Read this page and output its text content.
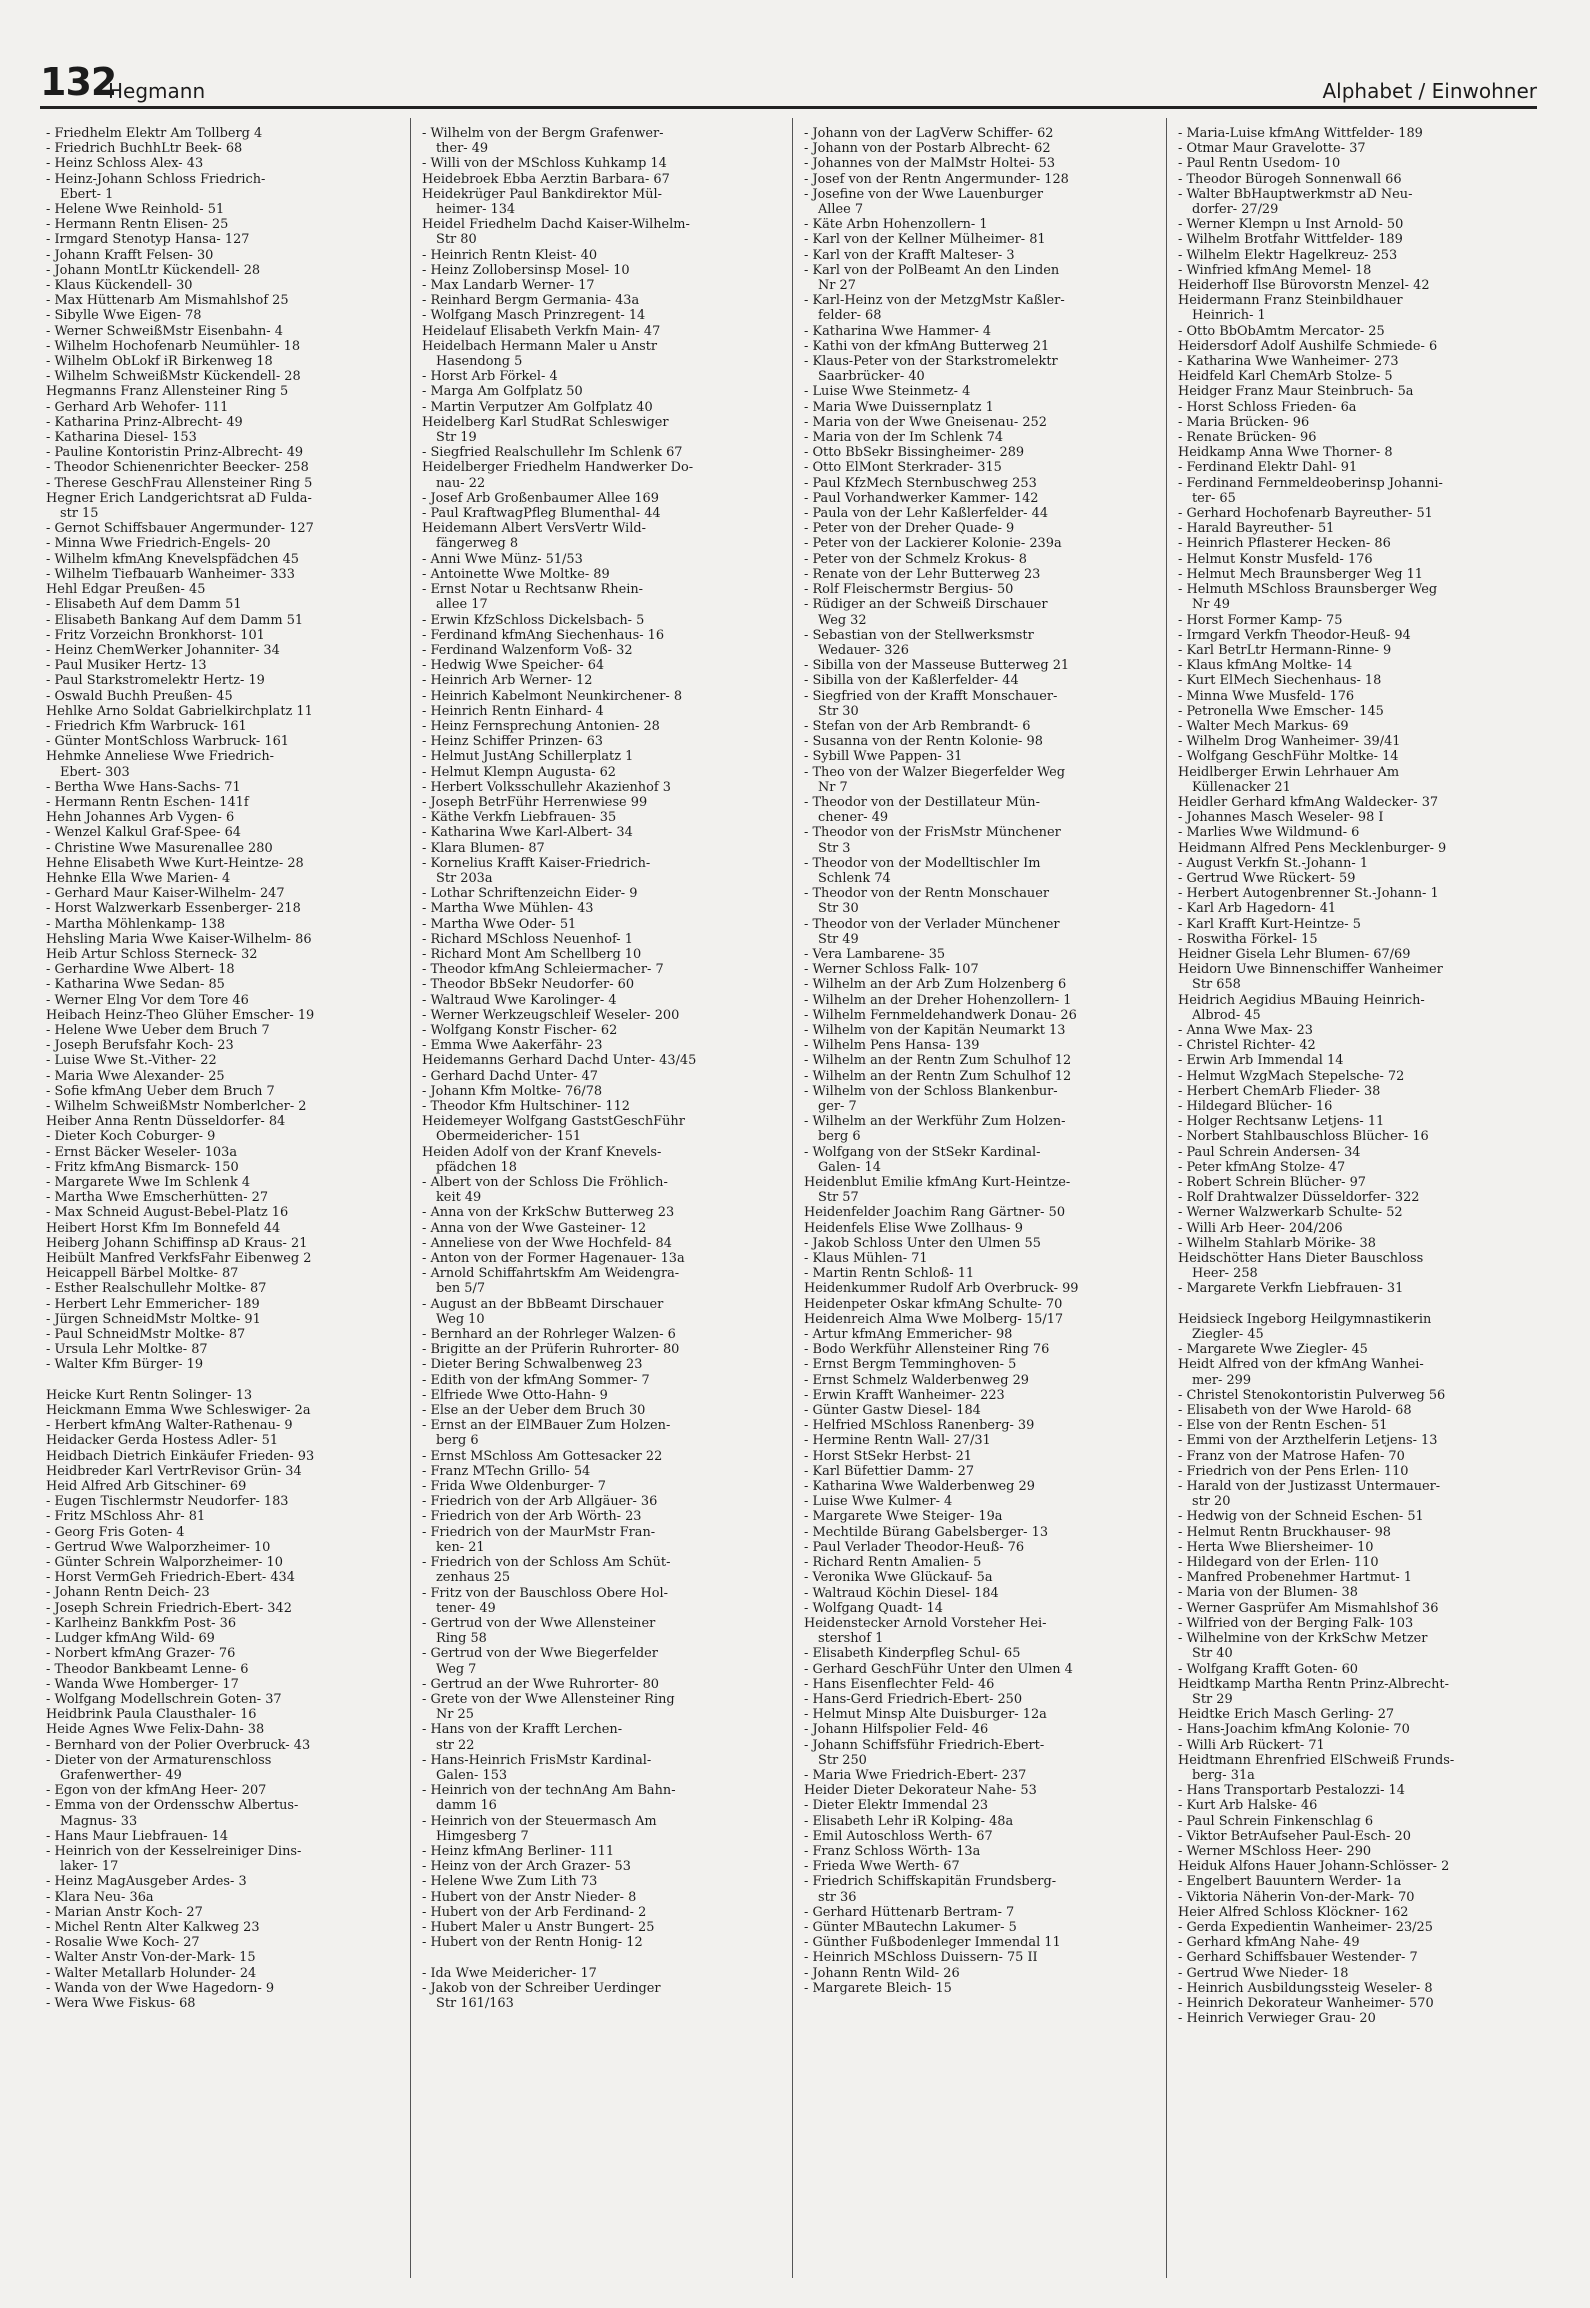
132
Hegmann	Alphabet / Einwohner
- Friedhelm Elektr Am Tollberg 4
- Friedrich BuchhLtr Beek- 68
- Heinz Schloss Alex- 43
- Heinz-Johann Schloss Friedrich-
Ebert- 1
- Helene Wwe Reinhold- 51
- Hermann Rentn Elisen- 25
- Irmgard Stenotyp Hansa- 127
- Johann Krafft Felsen- 30
- Johann MontLtr Kückendell- 28
- Klaus Kückendell- 30
- Max Hüttenarb Am Mismahlshof 25
- Sibylle Wwe Eigen- 78
- Werner SchweißMstr Eisenbahn- 4
- Wilhelm Hochofenarb Neumühler- 18
- Wilhelm ObLokf iR Birkenweg 18
- Wilhelm SchweißMstr Kückendell- 28
Hegmanns Franz Allensteiner Ring 5
- Gerhard Arb Wehofer- 111
- Katharina Prinz-Albrecht- 49
- Katharina Diesel- 153
- Pauline Kontoristin Prinz-Albrecht- 49
- Theodor Schienenrichter Beecker- 258
- Therese GeschFrau Allensteiner Ring 5
Hegner Erich Landgerichtsrat aD Fulda-
str 15
- Gernot Schiffsbauer Angermunder- 127
- Minna Wwe Friedrich-Engels- 20
- Wilhelm kfmAng Knevelspfädchen 45
- Wilhelm Tiefbauarb Wanheimer- 333
Hehl Edgar Preußen- 45
- Elisabeth Auf dem Damm 51
- Elisabeth Bankang Auf dem Damm 51
- Fritz Vorzeichn Bronkhorst- 101
- Heinz ChemWerker Johanniter- 34
- Paul Musiker Hertz- 13
- Paul Starkstromelektr Hertz- 19
- Oswald Buchh Preußen- 45
Hehlke Arno Soldat Gabrielkirchplatz 11
- Friedrich Kfm Warbruck- 161
- Günter MontSchloss Warbruck- 161
Hehmke Anneliese Wwe Friedrich-
Ebert- 303
- Bertha Wwe Hans-Sachs- 71
- Hermann Rentn Eschen- 141f
Hehn Johannes Arb Vygen- 6
- Wenzel Kalkul Graf-Spee- 64
- Christine Wwe Masurenallee 280
Hehne Elisabeth Wwe Kurt-Heintze- 28
Hehnke Ella Wwe Marien- 4
- Gerhard Maur Kaiser-Wilhelm- 247
- Horst Walzwerkarb Essenberger- 218
- Martha Möhlenkamp- 138
Hehsling Maria Wwe Kaiser-Wilhelm- 86
Heib Artur Schloss Sterneck- 32
- Gerhardine Wwe Albert- 18
- Katharina Wwe Sedan- 85
- Werner Elng Vor dem Tore 46
Heibach Heinz-Theo Glüher Emscher- 19
- Helene Wwe Ueber dem Bruch 7
- Joseph Berufsfahr Koch- 23
- Luise Wwe St.-Vither- 22
- Maria Wwe Alexander- 25
- Sofie kfmAng Ueber dem Bruch 7
- Wilhelm SchweißMstr Nomberlcher- 2
Heiber Anna Rentn Düsseldorfer- 84
- Dieter Koch Coburger- 9
- Ernst Bäcker Weseler- 103a
- Fritz kfmAng Bismarck- 150
- Margarete Wwe Im Schlenk 4
- Martha Wwe Emscherhütten- 27
- Max Schneid August-Bebel-Platz 16
Heibert Horst Kfm Im Bonnefeld 44
Heiberg Johann Schiffinsp aD Kraus- 21
Heibült Manfred VerkfsFahr Eibenweg 2
Heicappell Bärbel Moltke- 87
- Esther Realschullehr Moltke- 87
- Herbert Lehr Emmericher- 189
- Jürgen SchneidMstr Moltke- 91
- Paul SchneidMstr Moltke- 87
- Ursula Lehr Moltke- 87
- Walter Kfm Bürger- 19
Heicke Kurt Rentn Solinger- 13
Heickmann Emma Wwe Schleswiger- 2a
- Herbert kfmAng Walter-Rathenau- 9
Heidacker Gerda Hostess Adler- 51
Heidbach Dietrich Einkäufer Frieden- 93
Heidbreder Karl VertrRevisor Grün- 34
Heid Alfred Arb Gitschiner- 69
- Eugen Tischlermstr Neudorfer- 183
- Fritz MSchloss Ahr- 81
- Georg Fris Goten- 4
- Gertrud Wwe Walporzheimer- 10
- Günter Schrein Walporzheimer- 10
- Horst VermGeh Friedrich-Ebert- 434
- Johann Rentn Deich- 23
- Joseph Schrein Friedrich-Ebert- 342
- Karlheinz Bankkfm Post- 36
- Ludger kfmAng Wild- 69
- Norbert kfmAng Grazer- 76
- Theodor Bankbeamt Lenne- 6
- Wanda Wwe Homberger- 17
- Wolfgang Modellschrein Goten- 37
Heidbrink Paula Clausthaler- 16
Heide Agnes Wwe Felix-Dahn- 38
- Bernhard von der Polier Overbruck- 43
- Dieter von der Armaturenschloss
Grafenwerther- 49
- Egon von der kfmAng Heer- 207
- Emma von der Ordensschw Albertus-
Magnus- 33
- Hans Maur Liebfrauen- 14
- Heinrich von der Kesselreiniger Dins-
laker- 17
- Heinz MagAusgeber Ardes- 3
- Klara Neu- 36a
- Marian Anstr Koch- 27
- Michel Rentn Alter Kalkweg 23
- Rosalie Wwe Koch- 27
- Walter Anstr Von-der-Mark- 15
- Walter Metallarb Holunder- 24
- Wanda von der Wwe Hagedorn- 9
- Wera Wwe Fiskus- 68
- Wilhelm von der Bergm Grafenwer-
ther- 49
- Willi von der MSchloss Kuhkamp 14
Heidebroek Ebba Aerztin Barbara- 67
Heidekrüger Paul Bankdirektor Mül-
heimer- 134
Heidel Friedhelm Dachd Kaiser-Wilhelm-
Str 80
- Heinrich Rentn Kleist- 40
- Heinz Zollobersinsp Mosel- 10
- Max Landarb Werner- 17
- Reinhard Bergm Germania- 43a
- Wolfgang Masch Prinzregent- 14
Heidelauf Elisabeth Verkfn Main- 47
Heidelbach Hermann Maler u Anstr
Hasendong 5
- Horst Arb Förkel- 4
- Marga Am Golfplatz 50
- Martin Verputzer Am Golfplatz 40
Heidelberg Karl StudRat Schleswiger
Str 19
- Siegfried Realschullehr Im Schlenk 67
Heidelberger Friedhelm Handwerker Do-
nau- 22
- Josef Arb Großenbaumer Allee 169
- Paul KraftwagPfleg Blumenthal- 44
Heidemann Albert VersVertr Wild-
fängerweg 8
- Anni Wwe Münz- 51/53
- Antoinette Wwe Moltke- 89
- Ernst Notar u Rechtsanw Rhein-
allee 17
- Erwin KfzSchloss Dickelsbach- 5
- Ferdinand kfmAng Siechenhaus- 16
- Ferdinand Walzenform Voß- 32
- Hedwig Wwe Speicher- 64
- Heinrich Arb Werner- 12
- Heinrich Kabelmont Neunkirchener- 8
- Heinrich Rentn Einhard- 4
- Heinz Fernsprechung Antonien- 28
- Heinz Schiffer Prinzen- 63
- Helmut JustAng Schillerplatz 1
- Helmut Klempn Augusta- 62
- Herbert Volksschullehr Akazienhof 3
- Joseph BetrFühr Herrenwiese 99
- Käthe Verkfn Liebfrauen- 35
- Katharina Wwe Karl-Albert- 34
- Klara Blumen- 87
- Kornelius Krafft Kaiser-Friedrich-
Str 203a
- Lothar Schriftenzeichn Eider- 9
- Martha Wwe Mühlen- 43
- Martha Wwe Oder- 51
- Richard MSchloss Neuenhof- 1
- Richard Mont Am Schellberg 10
- Theodor kfmAng Schleiermacher- 7
- Theodor BbSekr Neudorfer- 60
- Waltraud Wwe Karolinger- 4
- Werner Werkzeugschleif Weseler- 200
- Wolfgang Konstr Fischer- 62
- Emma Wwe Aakerfähr- 23
Heidemanns Gerhard Dachd Unter- 43/45
- Gerhard Dachd Unter- 47
- Johann Kfm Moltke- 76/78
- Theodor Kfm Hultschiner- 112
Heidemeyer Wolfgang GaststGeschFühr
Obermeidericher- 151
Heiden Adolf von der Kranf Knevels-
pfädchen 18
- Albert von der Schloss Die Fröhlich-
keit 49
- Anna von der KrkSchw Butterweg 23
- Anna von der Wwe Gasteiner- 12
- Anneliese von der Wwe Hochfeld- 84
- Anton von der Former Hagenauer- 13a
- Arnold Schiffahrtskfm Am Weidengra-
ben 5/7
- August an der BbBeamt Dirschauer
Weg 10
- Bernhard an der Rohrleger Walzen- 6
- Brigitte an der Prüferin Ruhrorter- 80
- Dieter Bering Schwalbenweg 23
- Edith von der kfmAng Sommer- 7
- Elfriede Wwe Otto-Hahn- 9
- Else an der Ueber dem Bruch 30
- Ernst an der ElMBauer Zum Holzen-
berg 6
- Ernst MSchloss Am Gottesacker 22
- Franz MTechn Grillo- 54
- Frida Wwe Oldenburger- 7
- Friedrich von der Arb Allgäuer- 36
- Friedrich von der Arb Wörth- 23
- Friedrich von der MaurMstr Fran-
ken- 21
- Friedrich von der Schloss Am Schüt-
zenhaus 25
- Fritz von der Bauschloss Obere Hol-
tener- 49
- Gertrud von der Wwe Allensteiner
Ring 58
- Gertrud von der Wwe Biegerfelder
Weg 7
- Gertrud an der Wwe Ruhrorter- 80
- Grete von der Wwe Allensteiner Ring
Nr 25
- Hans von der Krafft Lerchen-
str 22
- Hans-Heinrich FrisMstr Kardinal-
Galen- 153
- Heinrich von der technAng Am Bahn-
damm 16
- Heinrich von der Steuermasch Am
Himgesberg 7
- Heinz kfmAng Berliner- 111
- Heinz von der Arch Grazer- 53
- Helene Wwe Zum Lith 73
- Hubert von der Anstr Nieder- 8
- Hubert von der Arb Ferdinand- 2
- Hubert Maler u Anstr Bungert- 25
- Hubert von der Rentn Honig- 12
- Ida Wwe Meidericher- 17
- Jakob von der Schreiber Uerdinger
Str 161/163
- Johann von der LagVerw Schiffer- 62
- Johann von der Postarb Albrecht- 62
- Johannes von der MalMstr Holtei- 53
- Josef von der Rentn Angermunder- 128
- Josefine von der Wwe Lauenburger
Allee 7
- Käte Arbn Hohenzollern- 1
- Karl von der Kellner Mülheimer- 81
- Karl von der Krafft Malteser- 3
- Karl von der PolBeamt An den Linden
Nr 27
- Karl-Heinz von der MetzgMstr Kaßler-
felder- 68
- Katharina Wwe Hammer- 4
- Kathi von der kfmAng Butterweg 21
- Klaus-Peter von der Starkstromelektr
Saarbrücker- 40
- Luise Wwe Steinmetz- 4
- Maria Wwe Duissernplatz 1
- Maria von der Wwe Gneisenau- 252
- Maria von der Im Schlenk 74
- Otto BbSekr Bissingheimer- 289
- Otto ElMont Sterkrader- 315
- Paul KfzMech Sternbuschweg 253
- Paul Vorhandwerker Kammer- 142
- Paula von der Lehr Kaßlerfelder- 44
- Peter von der Dreher Quade- 9
- Peter von der Lackierer Kolonie- 239a
- Peter von der Schmelz Krokus- 8
- Renate von der Lehr Butterweg 23
- Rolf Fleischermstr Bergius- 50
- Rüdiger an der Schweiß Dirschauer
Weg 32
- Sebastian von der Stellwerksmstr
Wedauer- 326
- Sibilla von der Masseuse Butterweg 21
- Sibilla von der Kaßlerfelder- 44
- Siegfried von der Krafft Monschauer-
Str 30
- Stefan von der Arb Rembrandt- 6
- Susanna von der Rentn Kolonie- 98
- Sybill Wwe Pappen- 31
- Theo von der Walzer Biegerfelder Weg
Nr 7
- Theodor von der Destillateur Mün-
chener- 49
- Theodor von der FrisMstr Münchener
Str 3
- Theodor von der Modelltischler Im
Schlenk 74
- Theodor von der Rentn Monschauer
Str 30
- Theodor von der Verlader Münchener
Str 49
- Vera Lambarene- 35
- Werner Schloss Falk- 107
- Wilhelm an der Arb Zum Holzenberg 6
- Wilhelm an der Dreher Hohenzollern- 1
- Wilhelm Fernmeldehandwerk Donau- 26
- Wilhelm von der Kapitän Neumarkt 13
- Wilhelm Pens Hansa- 139
- Wilhelm an der Rentn Zum Schulhof 12
- Wilhelm an der Rentn Zum Schulhof 12
- Wilhelm von der Schloss Blankenbur-
ger- 7
- Wilhelm an der Werkführ Zum Holzen-
berg 6
- Wolfgang von der StSekr Kardinal-
Galen- 14
Heidenblut Emilie kfmAng Kurt-Heintze-
Str 57
Heidenfelder Joachim Rang Gärtner- 50
Heidenfels Elise Wwe Zollhaus- 9
- Jakob Schloss Unter den Ulmen 55
- Klaus Mühlen- 71
- Martin Rentn Schloß- 11
Heidenkummer Rudolf Arb Overbruck- 99
Heidenpeter Oskar kfmAng Schulte- 70
Heidenreich Alma Wwe Molberg- 15/17
- Artur kfmAng Emmericher- 98
- Bodo Werkführ Allensteiner Ring 76
- Ernst Bergm Temminghoven- 5
- Ernst Schmelz Walderbenweg 29
- Erwin Krafft Wanheimer- 223
- Günter Gastw Diesel- 184
- Helfried MSchloss Ranenberg- 39
- Hermine Rentn Wall- 27/31
- Horst StSekr Herbst- 21
- Karl Büfettier Damm- 27
- Katharina Wwe Walderbenweg 29
- Luise Wwe Kulmer- 4
- Margarete Wwe Steiger- 19a
- Mechtilde Bürang Gabelsberger- 13
- Paul Verlader Theodor-Heuß- 76
- Richard Rentn Amalien- 5
- Veronika Wwe Glückauf- 5a
- Waltraud Köchin Diesel- 184
- Wolfgang Quadt- 14
Heidenstecker Arnold Vorsteher Hei-
stershof 1
- Elisabeth Kinderpfleg Schul- 65
- Gerhard GeschFühr Unter den Ulmen 4
- Hans Eisenflechter Feld- 46
- Hans-Gerd Friedrich-Ebert- 250
- Helmut Minsp Alte Duisburger- 12a
- Johann Hilfspolier Feld- 46
- Johann Schiffsführ Friedrich-Ebert-
Str 250
- Maria Wwe Friedrich-Ebert- 237
Heider Dieter Dekorateur Nahe- 53
- Dieter Elektr Immendal 23
- Elisabeth Lehr iR Kolping- 48a
- Emil Autoschloss Werth- 67
- Franz Schloss Wörth- 13a
- Frieda Wwe Werth- 67
- Friedrich Schiffskapitän Frundsberg-
str 36
- Gerhard Hüttenarb Bertram- 7
- Günter MBautechn Lakumer- 5
- Günther Fußbodenleger Immendal 11
- Heinrich MSchloss Duissern- 75 II
- Johann Rentn Wild- 26
- Margarete Bleich- 15
- Maria-Luise kfmAng Wittfelder- 189
- Otmar Maur Gravelotte- 37
- Paul Rentn Usedom- 10
- Theodor Bürogeh Sonnenwall 66
- Walter BbHauptwerkmstr aD Neu-
dorfer- 27/29
- Werner Klempn u Inst Arnold- 50
- Wilhelm Brotfahr Wittfelder- 189
- Wilhelm Elektr Hagelkreuz- 253
- Winfried kfmAng Memel- 18
Heiderhoff Ilse Bürovorstn Menzel- 42
Heidermann Franz Steinbildhauer
Heinrich- 1
- Otto BbObAmtm Mercator- 25
Heidersdorf Adolf Aushilfe Schmiede- 6
- Katharina Wwe Wanheimer- 273
Heidfeld Karl ChemArb Stolze- 5
Heidger Franz Maur Steinbruch- 5a
- Horst Schloss Frieden- 6a
- Maria Brücken- 96
- Renate Brücken- 96
Heidkamp Anna Wwe Thorner- 8
- Ferdinand Elektr Dahl- 91
- Ferdinand Fernmeldeoberinsp Johanni-
ter- 65
- Gerhard Hochofenarb Bayreuther- 51
- Harald Bayreuther- 51
- Heinrich Pflasterer Hecken- 86
- Helmut Konstr Musfeld- 176
- Helmut Mech Braunsberger Weg 11
- Helmuth MSchloss Braunsberger Weg
Nr 49
- Horst Former Kamp- 75
- Irmgard Verkfn Theodor-Heuß- 94
- Karl BetrLtr Hermann-Rinne- 9
- Klaus kfmAng Moltke- 14
- Kurt ElMech Siechenhaus- 18
- Minna Wwe Musfeld- 176
- Petronella Wwe Emscher- 145
- Walter Mech Markus- 69
- Wilhelm Drog Wanheimer- 39/41
- Wolfgang GeschFühr Moltke- 14
Heidlberger Erwin Lehrhauer Am
Küllenacker 21
Heidler Gerhard kfmAng Waldecker- 37
- Johannes Masch Weseler- 98 I
- Marlies Wwe Wildmund- 6
Heidmann Alfred Pens Mecklenburger- 9
- August Verkfn St.-Johann- 1
- Gertrud Wwe Rückert- 59
- Herbert Autogenbrenner St.-Johann- 1
- Karl Arb Hagedorn- 41
- Karl Krafft Kurt-Heintze- 5
- Roswitha Förkel- 15
Heidner Gisela Lehr Blumen- 67/69
Heidorn Uwe Binnenschiffer Wanheimer
Str 658
Heidrich Aegidius MBauing Heinrich-
Albrod- 45
- Anna Wwe Max- 23
- Christel Richter- 42
- Erwin Arb Immendal 14
- Helmut WzgMach Stepelsche- 72
- Herbert ChemArb Flieder- 38
- Hildegard Blücher- 16
- Holger Rechtsanw Letjens- 11
- Norbert Stahlbauschloss Blücher- 16
- Paul Schrein Andersen- 34
- Peter kfmAng Stolze- 47
- Robert Schrein Blücher- 97
- Rolf Drahtwalzer Düsseldorfer- 322
- Werner Walzwerkarb Schulte- 52
- Willi Arb Heer- 204/206
- Wilhelm Stahlarb Mörike- 38
Heidschötter Hans Dieter Bauschloss
Heer- 258
- Margarete Verkfn Liebfrauen- 31
Heidsieck Ingeborg Heilgymnastikerin
Ziegler- 45
- Margarete Wwe Ziegler- 45
Heidt Alfred von der kfmAng Wanhei-
mer- 299
- Christel Stenokontoristin Pulverweg 56
- Elisabeth von der Wwe Harold- 68
- Else von der Rentn Eschen- 51
- Emmi von der Arzthelferin Letjens- 13
- Franz von der Matrose Hafen- 70
- Friedrich von der Pens Erlen- 110
- Harald von der Justizasst Untermauer-
str 20
- Hedwig von der Schneid Eschen- 51
- Helmut Rentn Bruckhauser- 98
- Herta Wwe Bliersheimer- 10
- Hildegard von der Erlen- 110
- Manfred Probenehmer Hartmut- 1
- Maria von der Blumen- 38
- Werner Gasprüfer Am Mismahlshof 36
- Wilfried von der Berging Falk- 103
- Wilhelmine von der KrkSchw Metzer
Str 40
- Wolfgang Krafft Goten- 60
Heidtkamp Martha Rentn Prinz-Albrecht-
Str 29
Heidtke Erich Masch Gerling- 27
- Hans-Joachim kfmAng Kolonie- 70
- Willi Arb Rückert- 71
Heidtmann Ehrenfried ElSchweiß Frunds-
berg- 31a
- Hans Transportarb Pestalozzi- 14
- Kurt Arb Halske- 46
- Paul Schrein Finkenschlag 6
- Viktor BetrAufseher Paul-Esch- 20
- Werner MSchloss Heer- 290
Heiduk Alfons Hauer Johann-Schlösser- 2
- Engelbert Bauuntern Werder- 1a
- Viktoria Näherin Von-der-Mark- 70
Heier Alfred Schloss Klöckner- 162
- Gerda Expedientin Wanheimer- 23/25
- Gerhard kfmAng Nahe- 49
- Gerhard Schiffsbauer Westender- 7
- Gertrud Wwe Nieder- 18
- Heinrich Ausbildungssteig Weseler- 8
- Heinrich Dekorateur Wanheimer- 570
- Heinrich Verwieger Grau- 20
